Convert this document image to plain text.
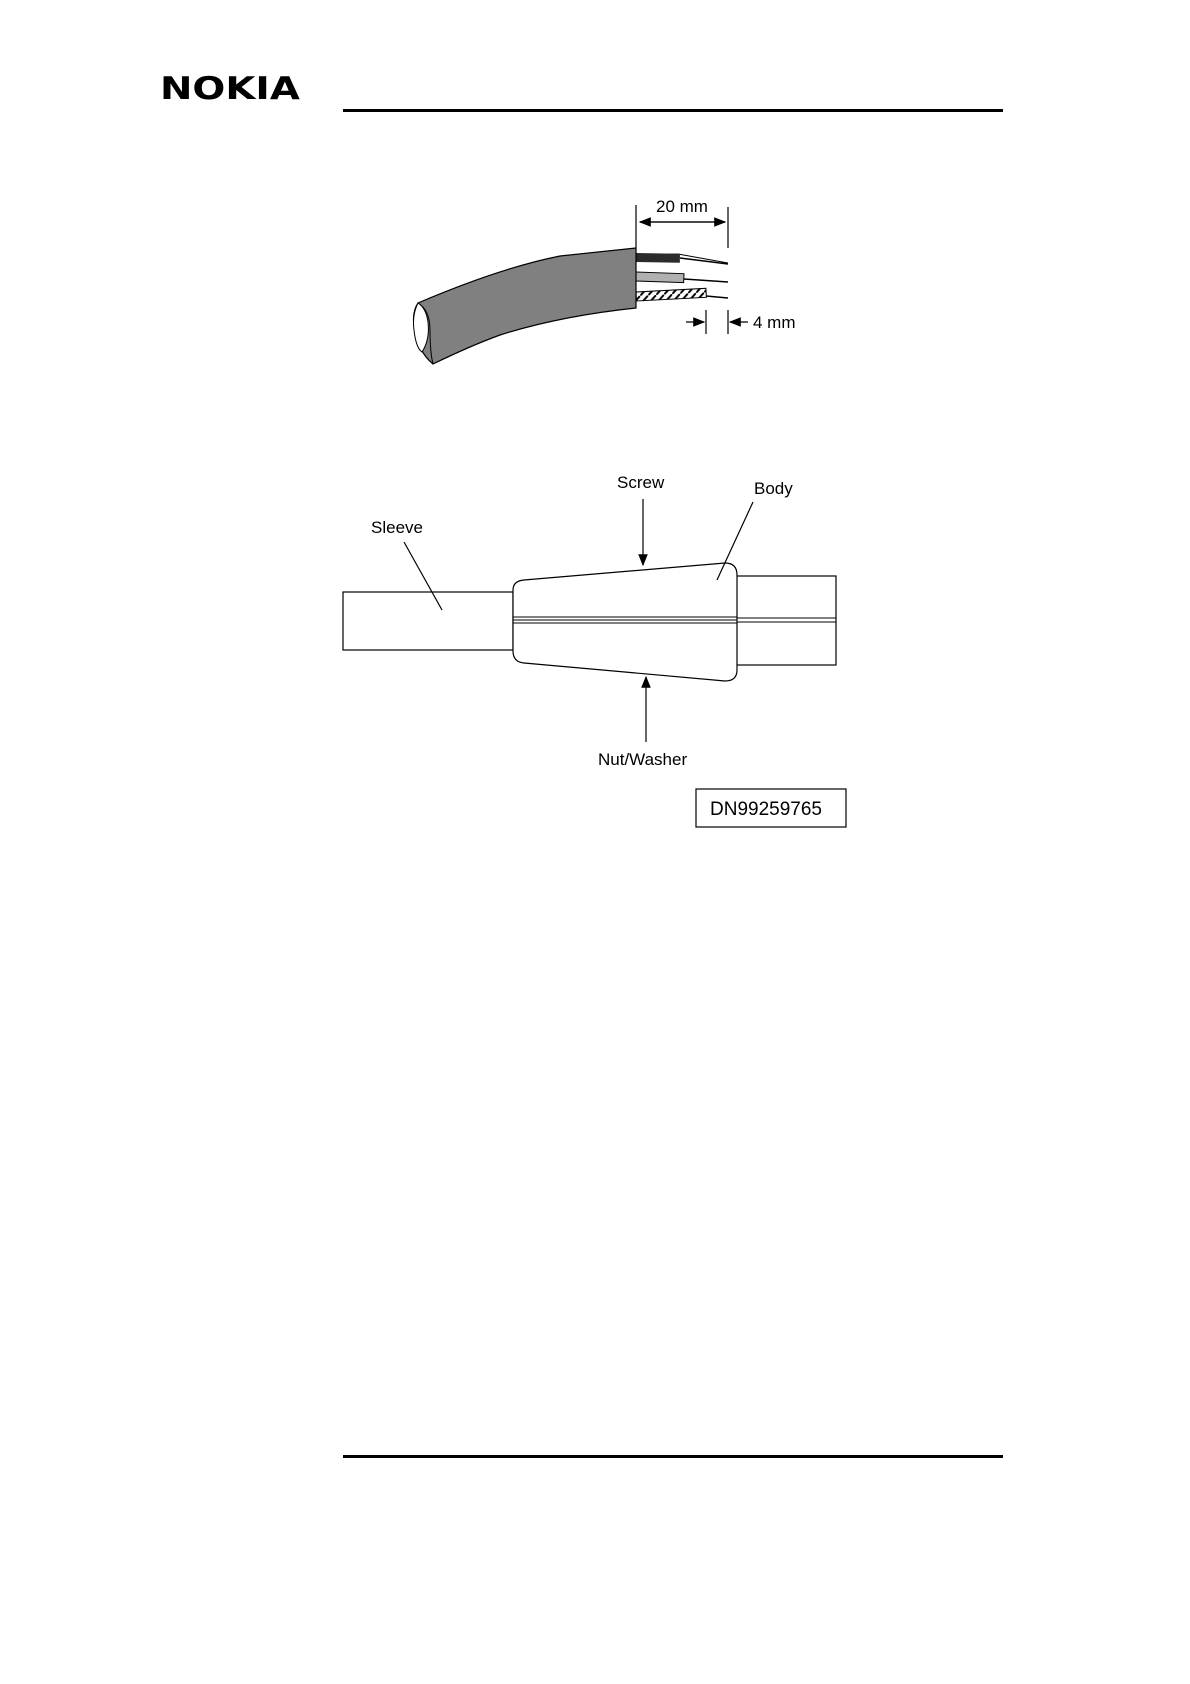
NOKIA
20 mm
4 mm
Screw	Body
Sleeve
Nut/Washer
DN99259765
